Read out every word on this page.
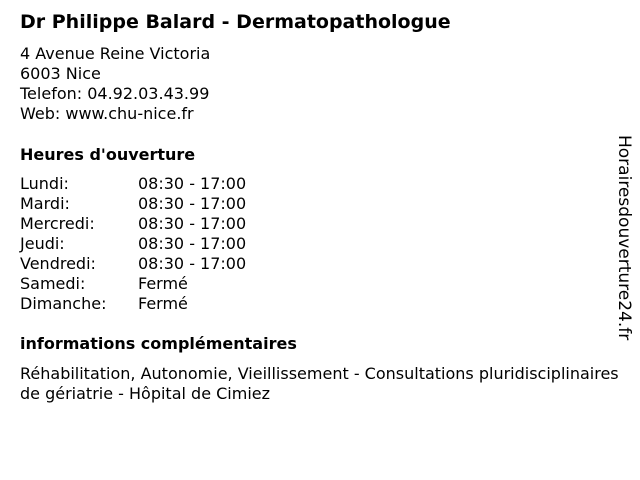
Dr Philippe Balard - Dermatopathologue
4 Avenue Reine Victoria
6003 Nice
Telefon: 04.92.03.43.99
Web: www.chu-nice.fr
Heures d'ouverture
Lundi:	08:30 - 17:00
Mardi:	08:30 - 17:00
Mercredi:	08:30 - 17:00
Jeudi:	08:30 - 17:00
Vendredi:	08:30 - 17:00
Samedi:	Fermé
Dimanche:	Fermé
informations complémentaires
Réhabilitation, Autonomie, Vieillissement - Consultations pluridisciplinaires de gériatrie - Hôpital de Cimiez
Horairesdouverture24.fr
